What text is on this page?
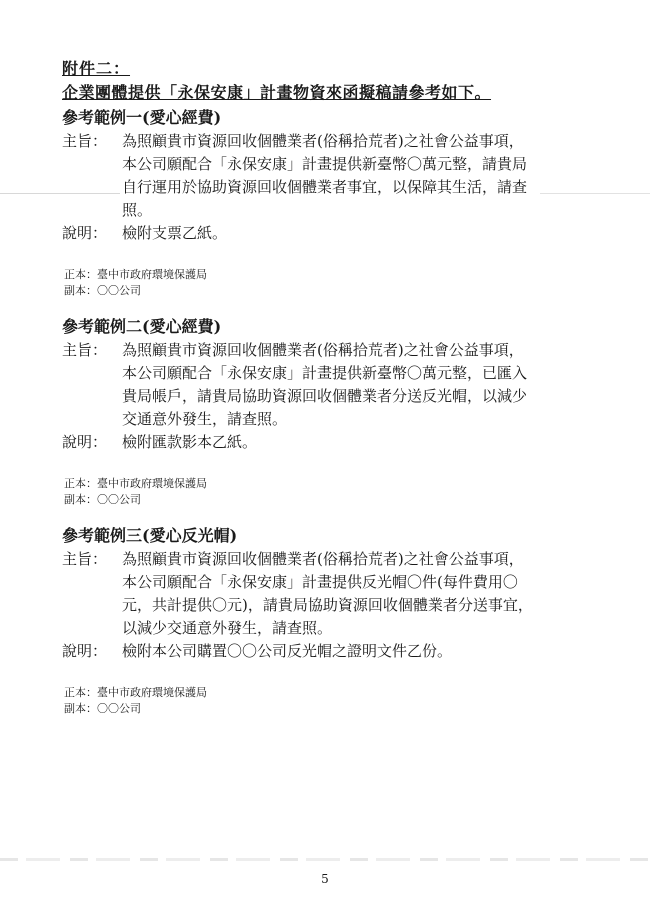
附件二：
企業團體提供「永保安康」計畫物資來函擬稿請參考如下。
參考範例一(愛心經費)
主旨： 為照顧貴市資源回收個體業者(俗稱拾荒者)之社會公益事項，
本公司願配合「永保安康」計畫提供新臺幣〇萬元整，請貴局
自行運用於協助資源回收個體業者事宜，以保障其生活，請查
照。
說明： 檢附支票乙紙。
正本：臺中市政府環境保護局
副本：〇〇公司
參考範例二(愛心經費)
主旨： 為照顧貴市資源回收個體業者(俗稱拾荒者)之社會公益事項，
本公司願配合「永保安康」計畫提供新臺幣〇萬元整，已匯入
貴局帳戶，請貴局協助資源回收個體業者分送反光帽，以減少
交通意外發生，請查照。
說明： 檢附匯款影本乙紙。
正本：臺中市政府環境保護局
副本：〇〇公司
參考範例三(愛心反光帽)
主旨： 為照顧貴市資源回收個體業者(俗稱拾荒者)之社會公益事項，
本公司願配合「永保安康」計畫提供反光帽〇件(每件費用〇
元，共計提供〇元)，請貴局協助資源回收個體業者分送事宜，
以減少交通意外發生，請查照。
說明： 檢附本公司購置〇〇公司反光帽之證明文件乙份。
正本：臺中市政府環境保護局
副本：〇〇公司
5
